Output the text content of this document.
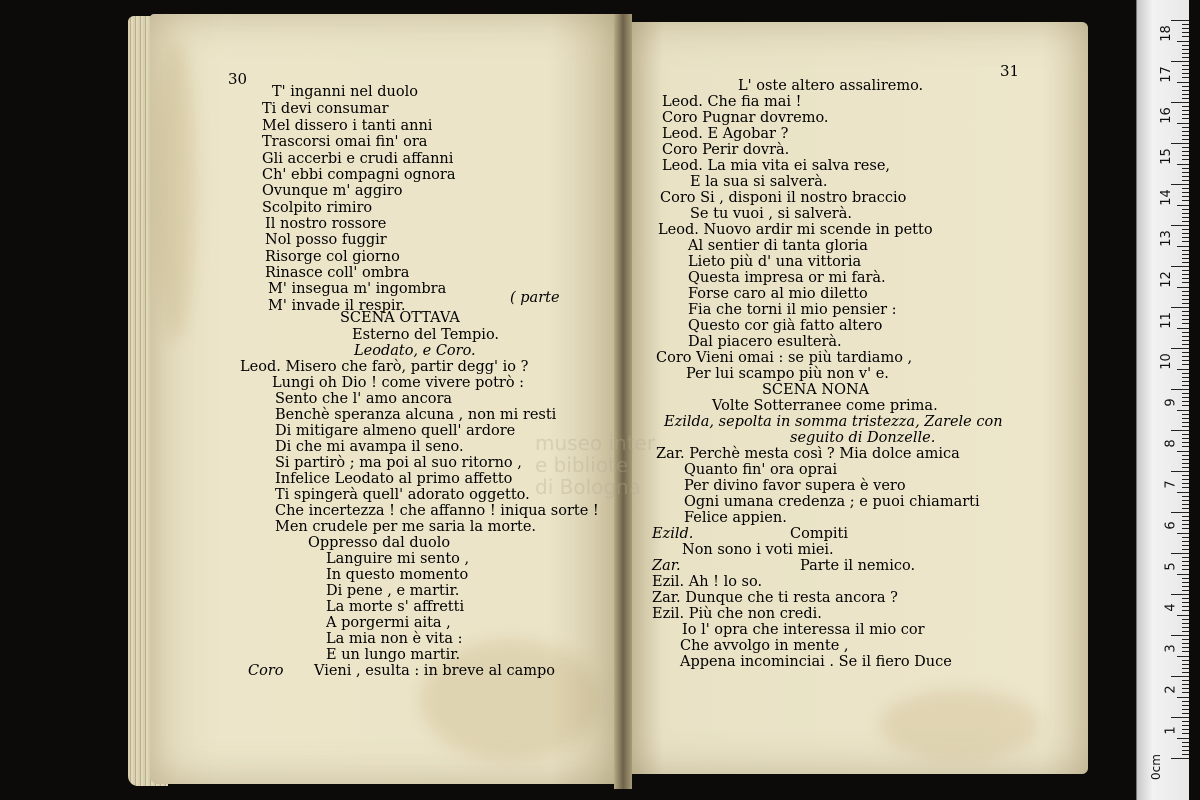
museo inter
e bibliote
di Bologna
30
T' inganni nel duolo
Ti devi consumar
Mel dissero i tanti anni
Trascorsi omai fin' ora
Gli accerbi e crudi affanni
Ch' ebbi compagni ognora
Ovunque m' aggiro
Scolpito rimiro
Il nostro rossore
Nol posso fuggir
Risorge col giorno
Rinasce coll' ombra
M' insegua m' ingombra
M' invade il respir.	( parte
SCENA OTTAVA
Esterno del Tempio.
Leodato, e Coro.
Leod. Misero che farò, partir degg' io ?
Lungi oh Dio ! come vivere potrò :
Sento che l' amo ancora
Benchè speranza alcuna , non mi resti
Di mitigare almeno quell' ardore
Di che mi avampa il seno.
Si partirò ; ma poi al suo ritorno ,
Infelice Leodato al primo affetto
Ti spingerà quell' adorato oggetto.
Che incertezza ! che affanno ! iniqua sorte !
Men crudele per me saria la morte.
Oppresso dal duolo
Languire mi sento ,
In questo momento
Di pene , e martir.
La morte s' affretti
A porgermi aita ,
La mia non è vita :
E un lungo martir.
Coro Vieni , esulta : in breve al campo
31
L' oste altero assaliremo.
Leod. Che fia mai !
Coro Pugnar dovremo.
Leod. E Agobar ?
Coro Perir dovrà.
Leod. La mia vita ei salva rese,
E la sua si salverà.
Coro Si , disponi il nostro braccio
Se tu vuoi , si salverà.
Leod. Nuovo ardir mi scende in petto
Al sentier di tanta gloria
Lieto più d' una vittoria
Questa impresa or mi farà.
Forse caro al mio diletto
Fia che torni il mio pensier :
Questo cor già fatto altero
Dal piacero esulterà.
Coro Vieni omai : se più tardiamo ,
Per lui scampo più non v' e.
SCENA NONA
Volte Sotterranee come prima.
Ezilda, sepolta in somma tristezza, Zarele con
seguito di Donzelle.
Zar. Perchè mesta così ? Mia dolce amica
Quanto fin' ora oprai
Per divino favor supera è vero
Ogni umana credenza ; e puoi chiamarti
Felice appien.
Ezild.	Compiti
Non sono i voti miei.
Zar.	Parte il nemico.
Ezil. Ah ! lo so.
Zar. Dunque che ti resta ancora ?
Ezil. Più che non credi.
Io l' opra che interessa il mio cor
Che avvolgo in mente ,
Appena incominciai . Se il fiero Duce
0cm
18
17
16
15
14
13
12
11
10
9
8
7
6
5
4
3
2
1
